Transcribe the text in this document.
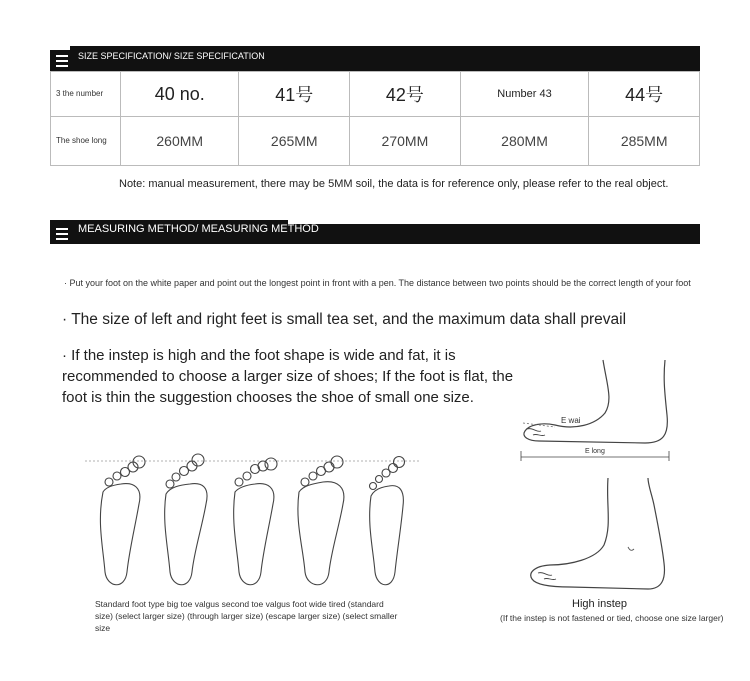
SIZE SPECIFICATION/ SIZE SPECIFICATION
3 the number	40 no.	41号	42号	Number 43	44号
The shoe long	260MM	265MM	270MM	280MM	285MM
Note: manual measurement, there may be 5MM soil, the data is for reference only, please refer to the real object.
MEASURING METHOD/ MEASURING METHOD
· Put your foot on the white paper and point out the longest point in front with a pen. The distance between two points should be the correct length of your foot
· The size of left and right feet is small tea set, and the maximum data shall prevail
· If the instep is high and the foot shape is wide and fat, it is recommended to choose a larger size of shoes; If the foot is flat, the foot is thin the suggestion chooses the shoe of small one size.
Standard foot type big toe valgus second toe valgus foot wide tired (standard size) (select larger size) (through larger size) (escape larger size) (select smaller size
E wai
E long
High instep
(If the instep is not fastened or tied, choose one size larger)
